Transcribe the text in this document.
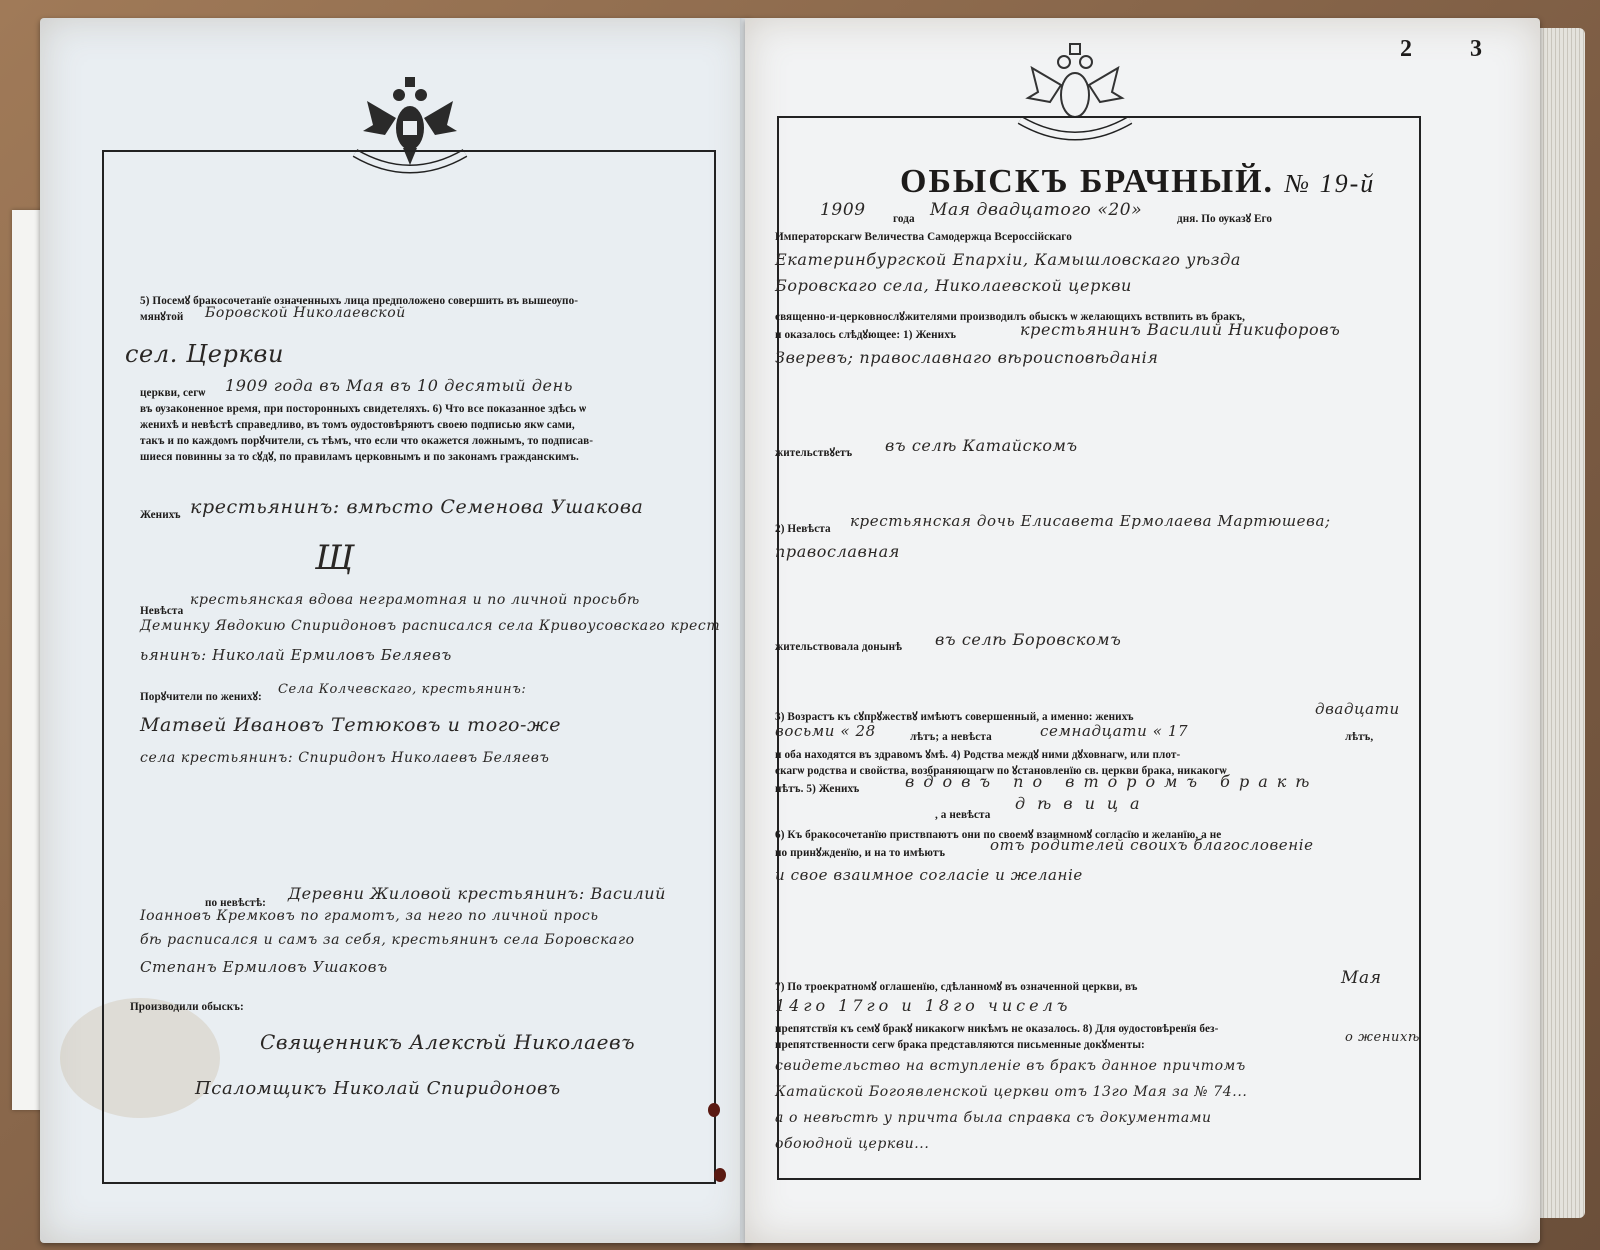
5) Посемꙋ бракосочетанїе означенныхъ лица предположено совершить въ вышеѹпо-
мянꙋтой Боровской Николаевской
сел. Церкви
церкви, сегѡ 1909 года въ Мая въ 10 десятый день
въ ѹзаконенное время, при посторонныхъ свидетеляхъ. 6) Что все показанное здѣсь ѡ
женихѣ и невѣстѣ справедливо, въ томъ ѹдостовѣряютъ своею подписью якѡ сами,
такъ и по каждомъ порꙋчители, съ тѣмъ, что если что окажется ложнымъ, то подписав-
шиеся повинны за то сꙋдꙋ, по правиламъ церковнымъ и по законамъ гражданскимъ.
Женихъ крестьянинъ: вмѣсто Семенова Ушакова
Щ
Невѣста
крестьянская вдова неграмотная и по личной просьбѣ
Деминку Явдокию Спиридоновъ расписался села Кривоусовскаго крест
ьянинъ: Николай Ермиловъ Беляевъ
Порꙋчители по женихꙋ: Села Колчевскаго, крестьянинъ:
Матвей Ивановъ Тетюковъ и того-же
села крестьянинъ: Спиридонъ Николаевъ Беляевъ
по невѣстѣ: Деревни Жиловой крестьянинъ: Василий
Іоанновъ Кремковъ по грамотъ, за него по личной прось
бѣ расписался и самъ за себя, крестьянинъ села Боровскаго
Степанъ Ермиловъ Ушаковъ
Производили обыскъ:
Священникъ Алексѣй Николаевъ
Псаломщикъ Николай Спиридоновъ
2 3
ОБЫСКЪ БРАЧНЫЙ. № 19-й
1909 года Мая двадцатого «20»	дня. По ѹказꙋ Его
Императорскагѡ Величества Самодержца Всероссійскаго
Екатеринбургской Епархіи, Камышловскаго уѣзда
Боровскаго села, Николаевской церкви
священно-и-церковнослꙋжителями производилъ обыскъ ѡ желающихъ вствпить въ бракъ,
и оказалось слѣдꙋющее: 1) Женихъ	крестьянинъ Василий Никифоровъ
Зверевъ; православнаго вѣроисповѣданія
жительствꙋетъ въ селѣ Катайскомъ
2) Невѣста крестьянская дочь Елисавета Ермолаева Мартюшева;
православная
жительствовала донынѣ въ селѣ Боровскомъ
3) Возрастъ къ сꙋпрꙋжествꙋ имѣютъ совершенный, а именно: женихъ	двадцати
восьми « 28	лѣтъ; а невѣста	семнадцати « 17	лѣтъ,
и оба находятся въ здравомъ ꙋмѣ. 4) Родства междꙋ ними дꙋховнагѡ, или плот-
скагѡ родства и свойства, возбраняющагѡ по ꙋстановленїю св. церкви брака, никакогѡ
нѣтъ. 5) Женихъ	вдовъ по второмъ бракѣ
, а невѣста
дѣвица
6) Къ бракосочетанїю приствпаютъ они по своемꙋ взаимномꙋ согласїю и желанїю, а не
по принꙋжденїю, и на то имѣютъ	отъ родителей своихъ благословеніе
и свое взаимное согласіе и желаніе
7) По троекратномꙋ оглашенїю, сдѣланномꙋ въ означенной церкви, въ	Мая
14го 17го и 18го чиселъ
препятствїя къ семꙋ бракꙋ никакогѡ никѣмъ не оказалось. 8) Для ѹдостовѣренїя без-
препятственности сегѡ брака представляются письменные докꙋменты:	о женихѣ
свидетельство на вступленіе въ бракъ данное причтомъ
Катайской Богоявленской церкви отъ 13го Мая за № 74...
а о невѣстѣ у причта была справка съ документами
обоюдной церкви...
